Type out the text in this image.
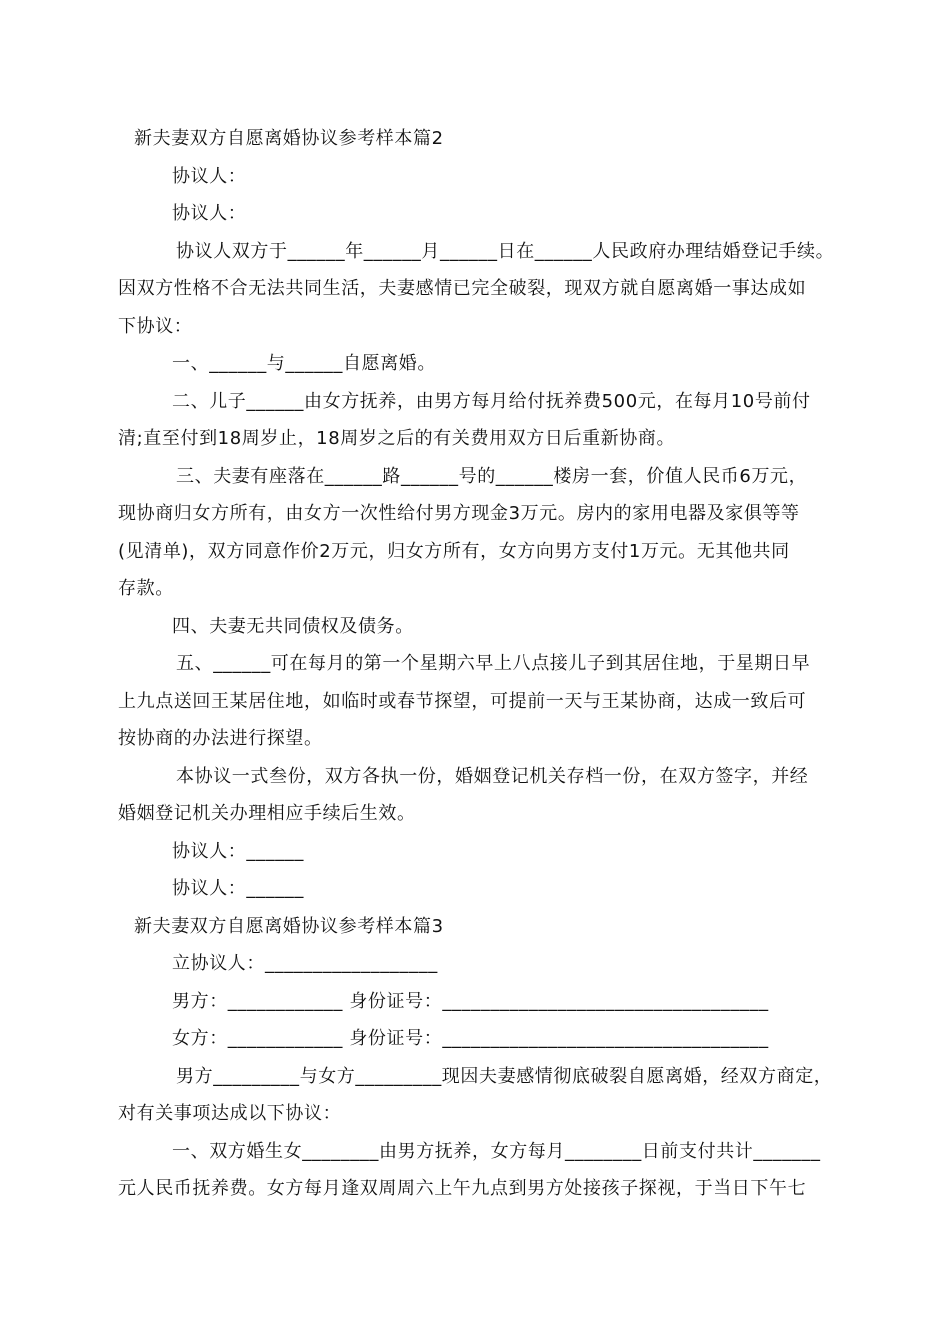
新夫妻双方自愿离婚协议参考样本篇2
协议人：
协议人：
协议人双方于______年______月______日在______人民政府办理结婚登记手续。
因双方性格不合无法共同生活，夫妻感情已完全破裂，现双方就自愿离婚一事达成如
下协议：
一、______与______自愿离婚。
二、儿子______由女方抚养，由男方每月给付抚养费500元，在每月10号前付
清;直至付到18周岁止，18周岁之后的有关费用双方日后重新协商。
三、夫妻有座落在______路______号的______楼房一套，价值人民币6万元，
现协商归女方所有，由女方一次性给付男方现金3万元。房内的家用电器及家俱等等
(见清单)，双方同意作价2万元，归女方所有，女方向男方支付1万元。无其他共同
存款。
四、夫妻无共同债权及债务。
五、______可在每月的第一个星期六早上八点接儿子到其居住地，于星期日早
上九点送回王某居住地，如临时或春节探望，可提前一天与王某协商，达成一致后可
按协商的办法进行探望。
本协议一式叁份，双方各执一份，婚姻登记机关存档一份，在双方签字，并经
婚姻登记机关办理相应手续后生效。
协议人：______
协议人：______
新夫妻双方自愿离婚协议参考样本篇3
立协议人：__________________
男方：____________ 身份证号：__________________________________
女方：____________ 身份证号：__________________________________
男方_________与女方_________现因夫妻感情彻底破裂自愿离婚，经双方商定，
对有关事项达成以下协议：
一、双方婚生女________由男方抚养，女方每月________日前支付共计_______
元人民币抚养费。女方每月逢双周周六上午九点到男方处接孩子探视，于当日下午七
